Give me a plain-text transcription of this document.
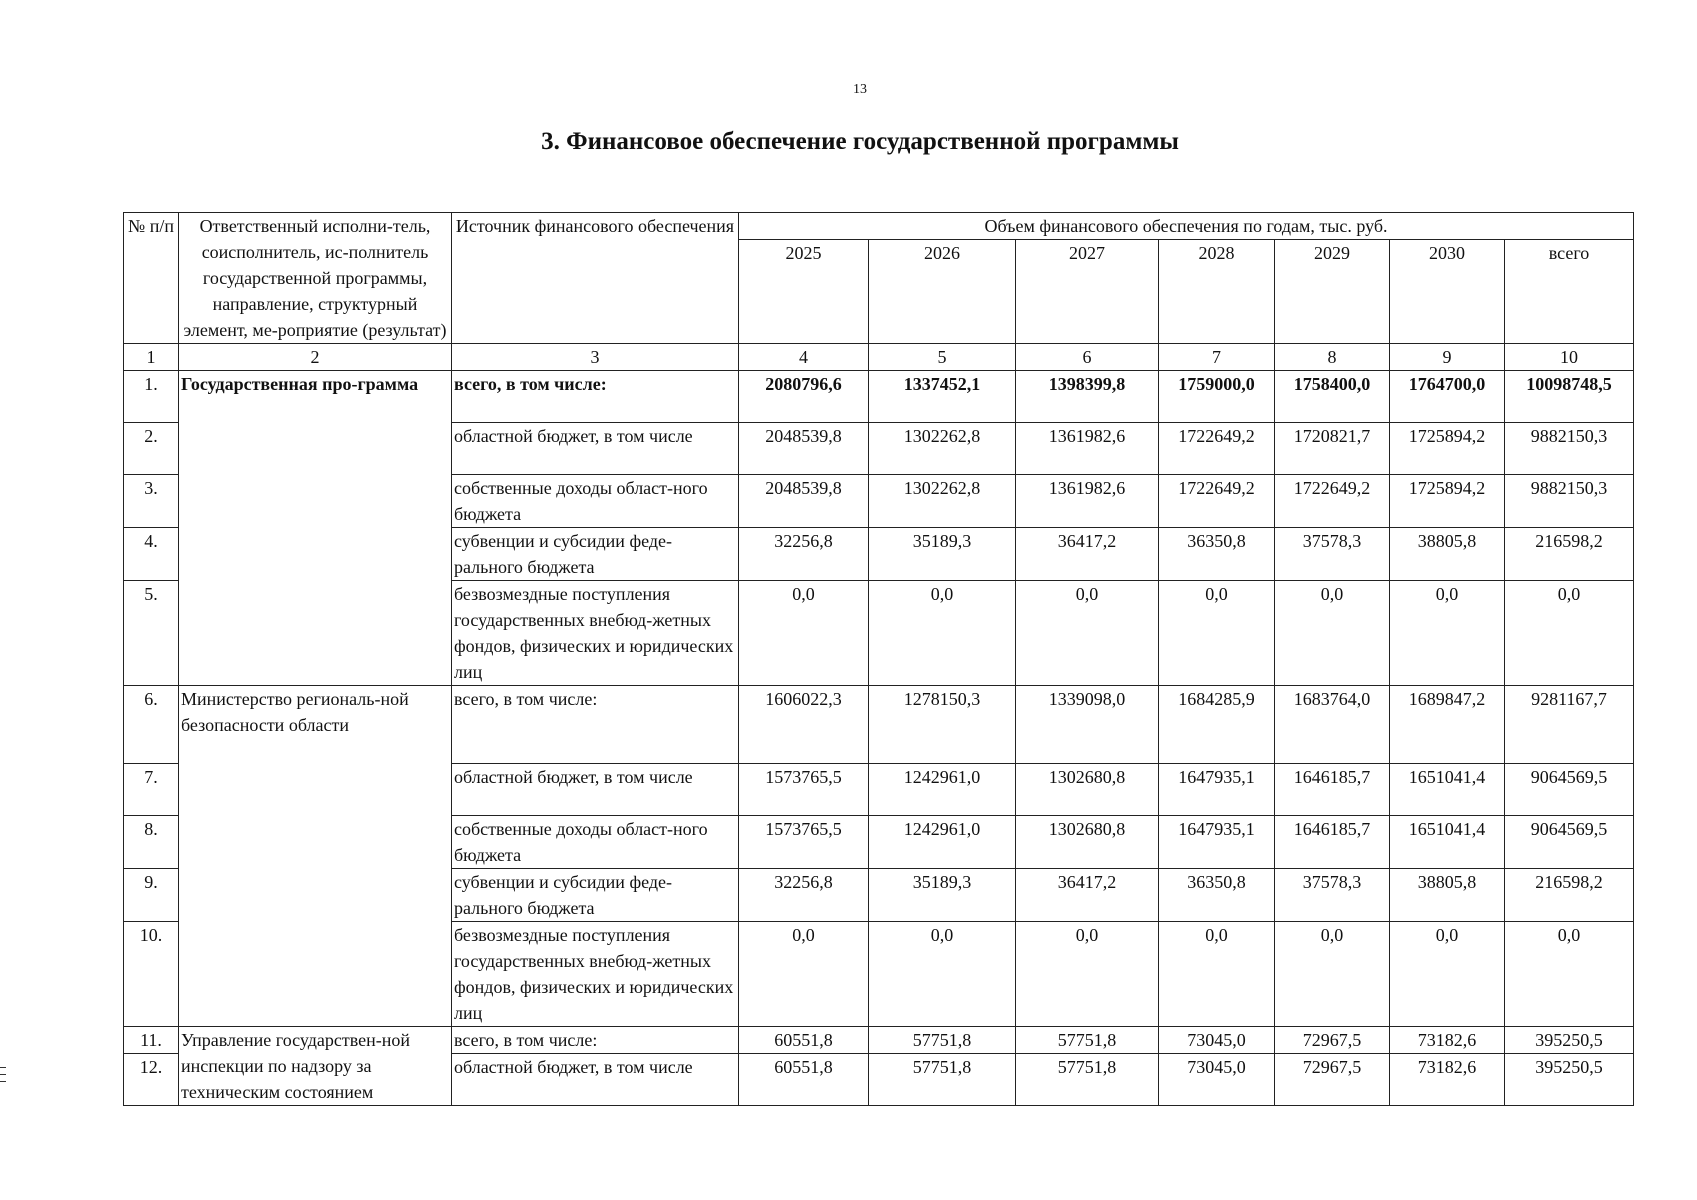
13
3. Финансовое обеспечение государственной программы
№ п/п	Ответственный исполни-тель, соисполнитель, ис-полнитель государственной программы, направление, структурный элемент, ме-роприятие (результат)	Источник финансового обеспечения	Объем финансового обеспечения по годам, тыс. руб.						
			2025	2026	2027	2028	2029	2030	всего
1	2	3	4	5	6	7	8	9	10
1.	Государственная про-грамма	всего, в том числе:	2080796,6	1337452,1	1398399,8	1759000,0	1758400,0	1764700,0	10098748,5
2.		областной бюджет, в том числе	2048539,8	1302262,8	1361982,6	1722649,2	1720821,7	1725894,2	9882150,3
3.		собственные доходы област-ного бюджета	2048539,8	1302262,8	1361982,6	1722649,2	1722649,2	1725894,2	9882150,3
4.		субвенции и субсидии феде-рального бюджета	32256,8	35189,3	36417,2	36350,8	37578,3	38805,8	216598,2
5.		безвозмездные поступления государственных внебюд-жетных фондов, физических и юридических лиц	0,0	0,0	0,0	0,0	0,0	0,0	0,0
6.	Министерство региональ-ной безопасности области	всего, в том числе:	1606022,3	1278150,3	1339098,0	1684285,9	1683764,0	1689847,2	9281167,7
7.		областной бюджет, в том числе	1573765,5	1242961,0	1302680,8	1647935,1	1646185,7	1651041,4	9064569,5
8.		собственные доходы област-ного бюджета	1573765,5	1242961,0	1302680,8	1647935,1	1646185,7	1651041,4	9064569,5
9.		субвенции и субсидии феде-рального бюджета	32256,8	35189,3	36417,2	36350,8	37578,3	38805,8	216598,2
10.		безвозмездные поступления государственных внебюд-жетных фондов, физических и юридических лиц	0,0	0,0	0,0	0,0	0,0	0,0	0,0
11.	Управление государствен-ной инспекции по надзору за техническим состоянием	всего, в том числе:	60551,8	57751,8	57751,8	73045,0	72967,5	73182,6	395250,5
12.		областной бюджет, в том числе	60551,8	57751,8	57751,8	73045,0	72967,5	73182,6	395250,5
